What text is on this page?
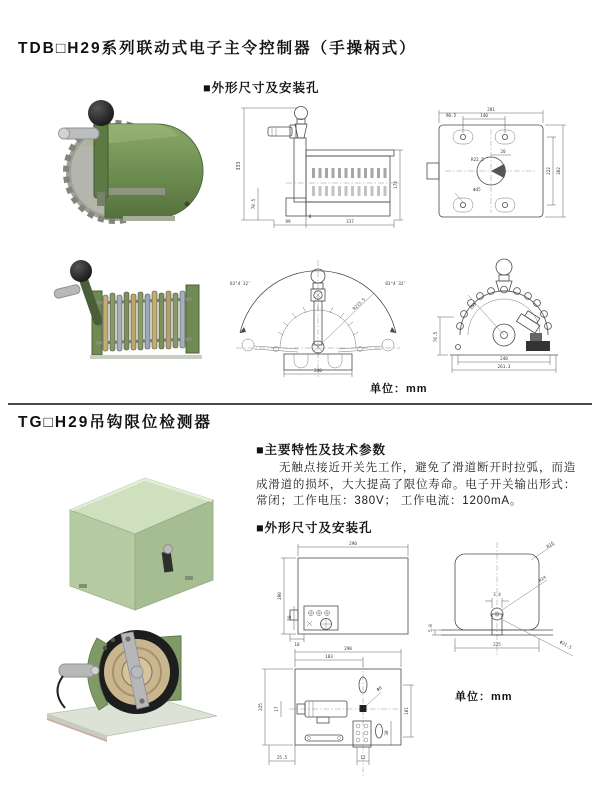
TDB□H29系列联动式电子主令控制器（手操柄式）
■外形尺寸及安装孔
333
70.5
174
99
8
317
281
140
90.5
20
R22.5
Φ45
222 302
R215.5
83°4′32″	83°4′32″
240
155
76.5
240
261.3
单位：mm
TG□H29吊钩限位检测器
■主要特性及技术参数
无触点接近开关先工作，避免了滑道断开时拉弧，而造成滑道的损坏，大大提高了限位寿命。电子开关输出形式：常闭；工作电压：380V； 工作电流：1200mA。
■外形尺寸及安装孔
290
200
50
10
3.4
R15
R14
5.8
Φ21.5
225
290
183
225	17
Φ8
181
38
25.5	12
单位：mm
